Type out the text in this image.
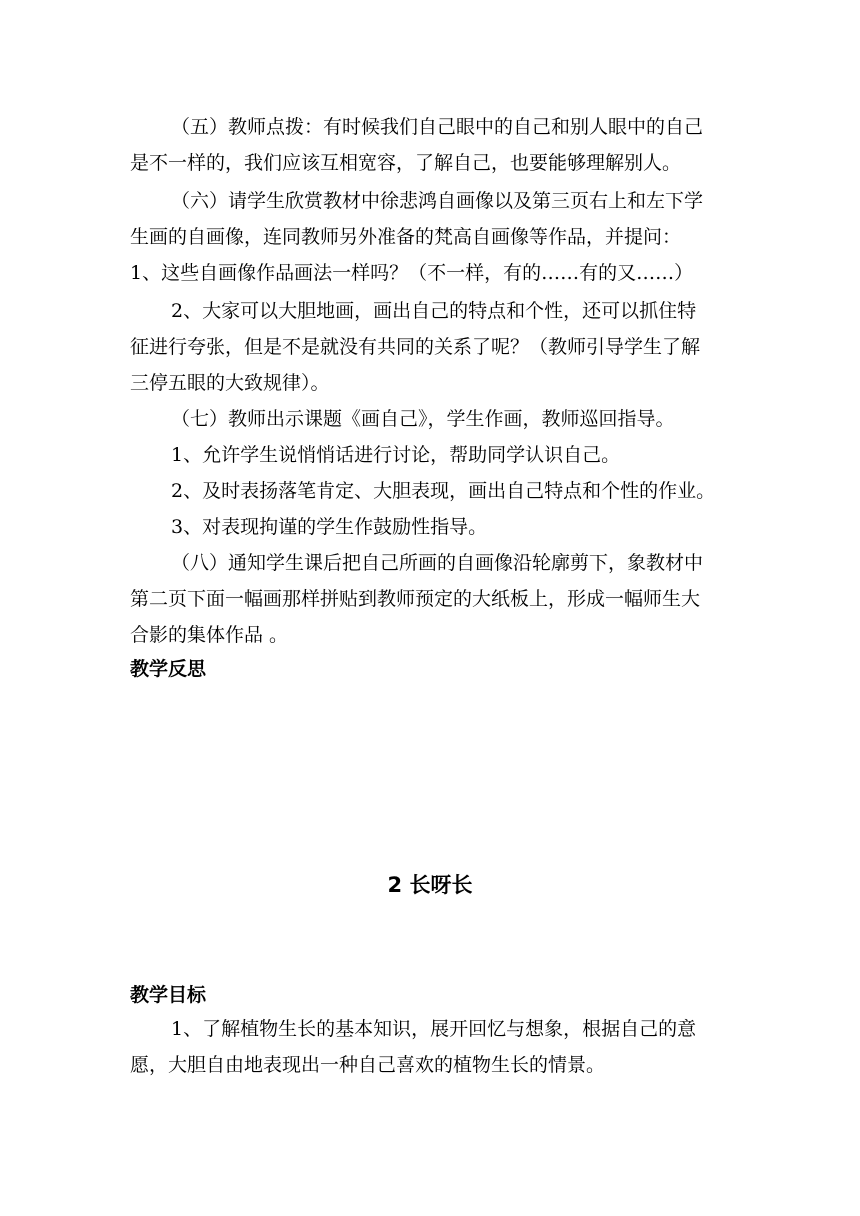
（五）教师点拨：有时候我们自己眼中的自己和别人眼中的自己
是不一样的，我们应该互相宽容，了解自己，也要能够理解别人。
（六）请学生欣赏教材中徐悲鸿自画像以及第三页右上和左下学
生画的自画像，连同教师另外准备的梵高自画像等作品，并提问：
1、这些自画像作品画法一样吗？（不一样，有的……有的又……）
2、大家可以大胆地画，画出自己的特点和个性，还可以抓住特
征进行夸张，但是不是就没有共同的关系了呢？（教师引导学生了解
三停五眼的大致规律）。
（七）教师出示课题《画自己》，学生作画，教师巡回指导。
1、允许学生说悄悄话进行讨论，帮助同学认识自己。
2、及时表扬落笔肯定、大胆表现，画出自己特点和个性的作业。
3、对表现拘谨的学生作鼓励性指导。
（八）通知学生课后把自己所画的自画像沿轮廓剪下，象教材中
第二页下面一幅画那样拼贴到教师预定的大纸板上，形成一幅师生大
合影的集体作品 。
教学反思
2 长呀长
教学目标
1、了解植物生长的基本知识，展开回忆与想象，根据自己的意
愿，大胆自由地表现出一种自己喜欢的植物生长的情景。
